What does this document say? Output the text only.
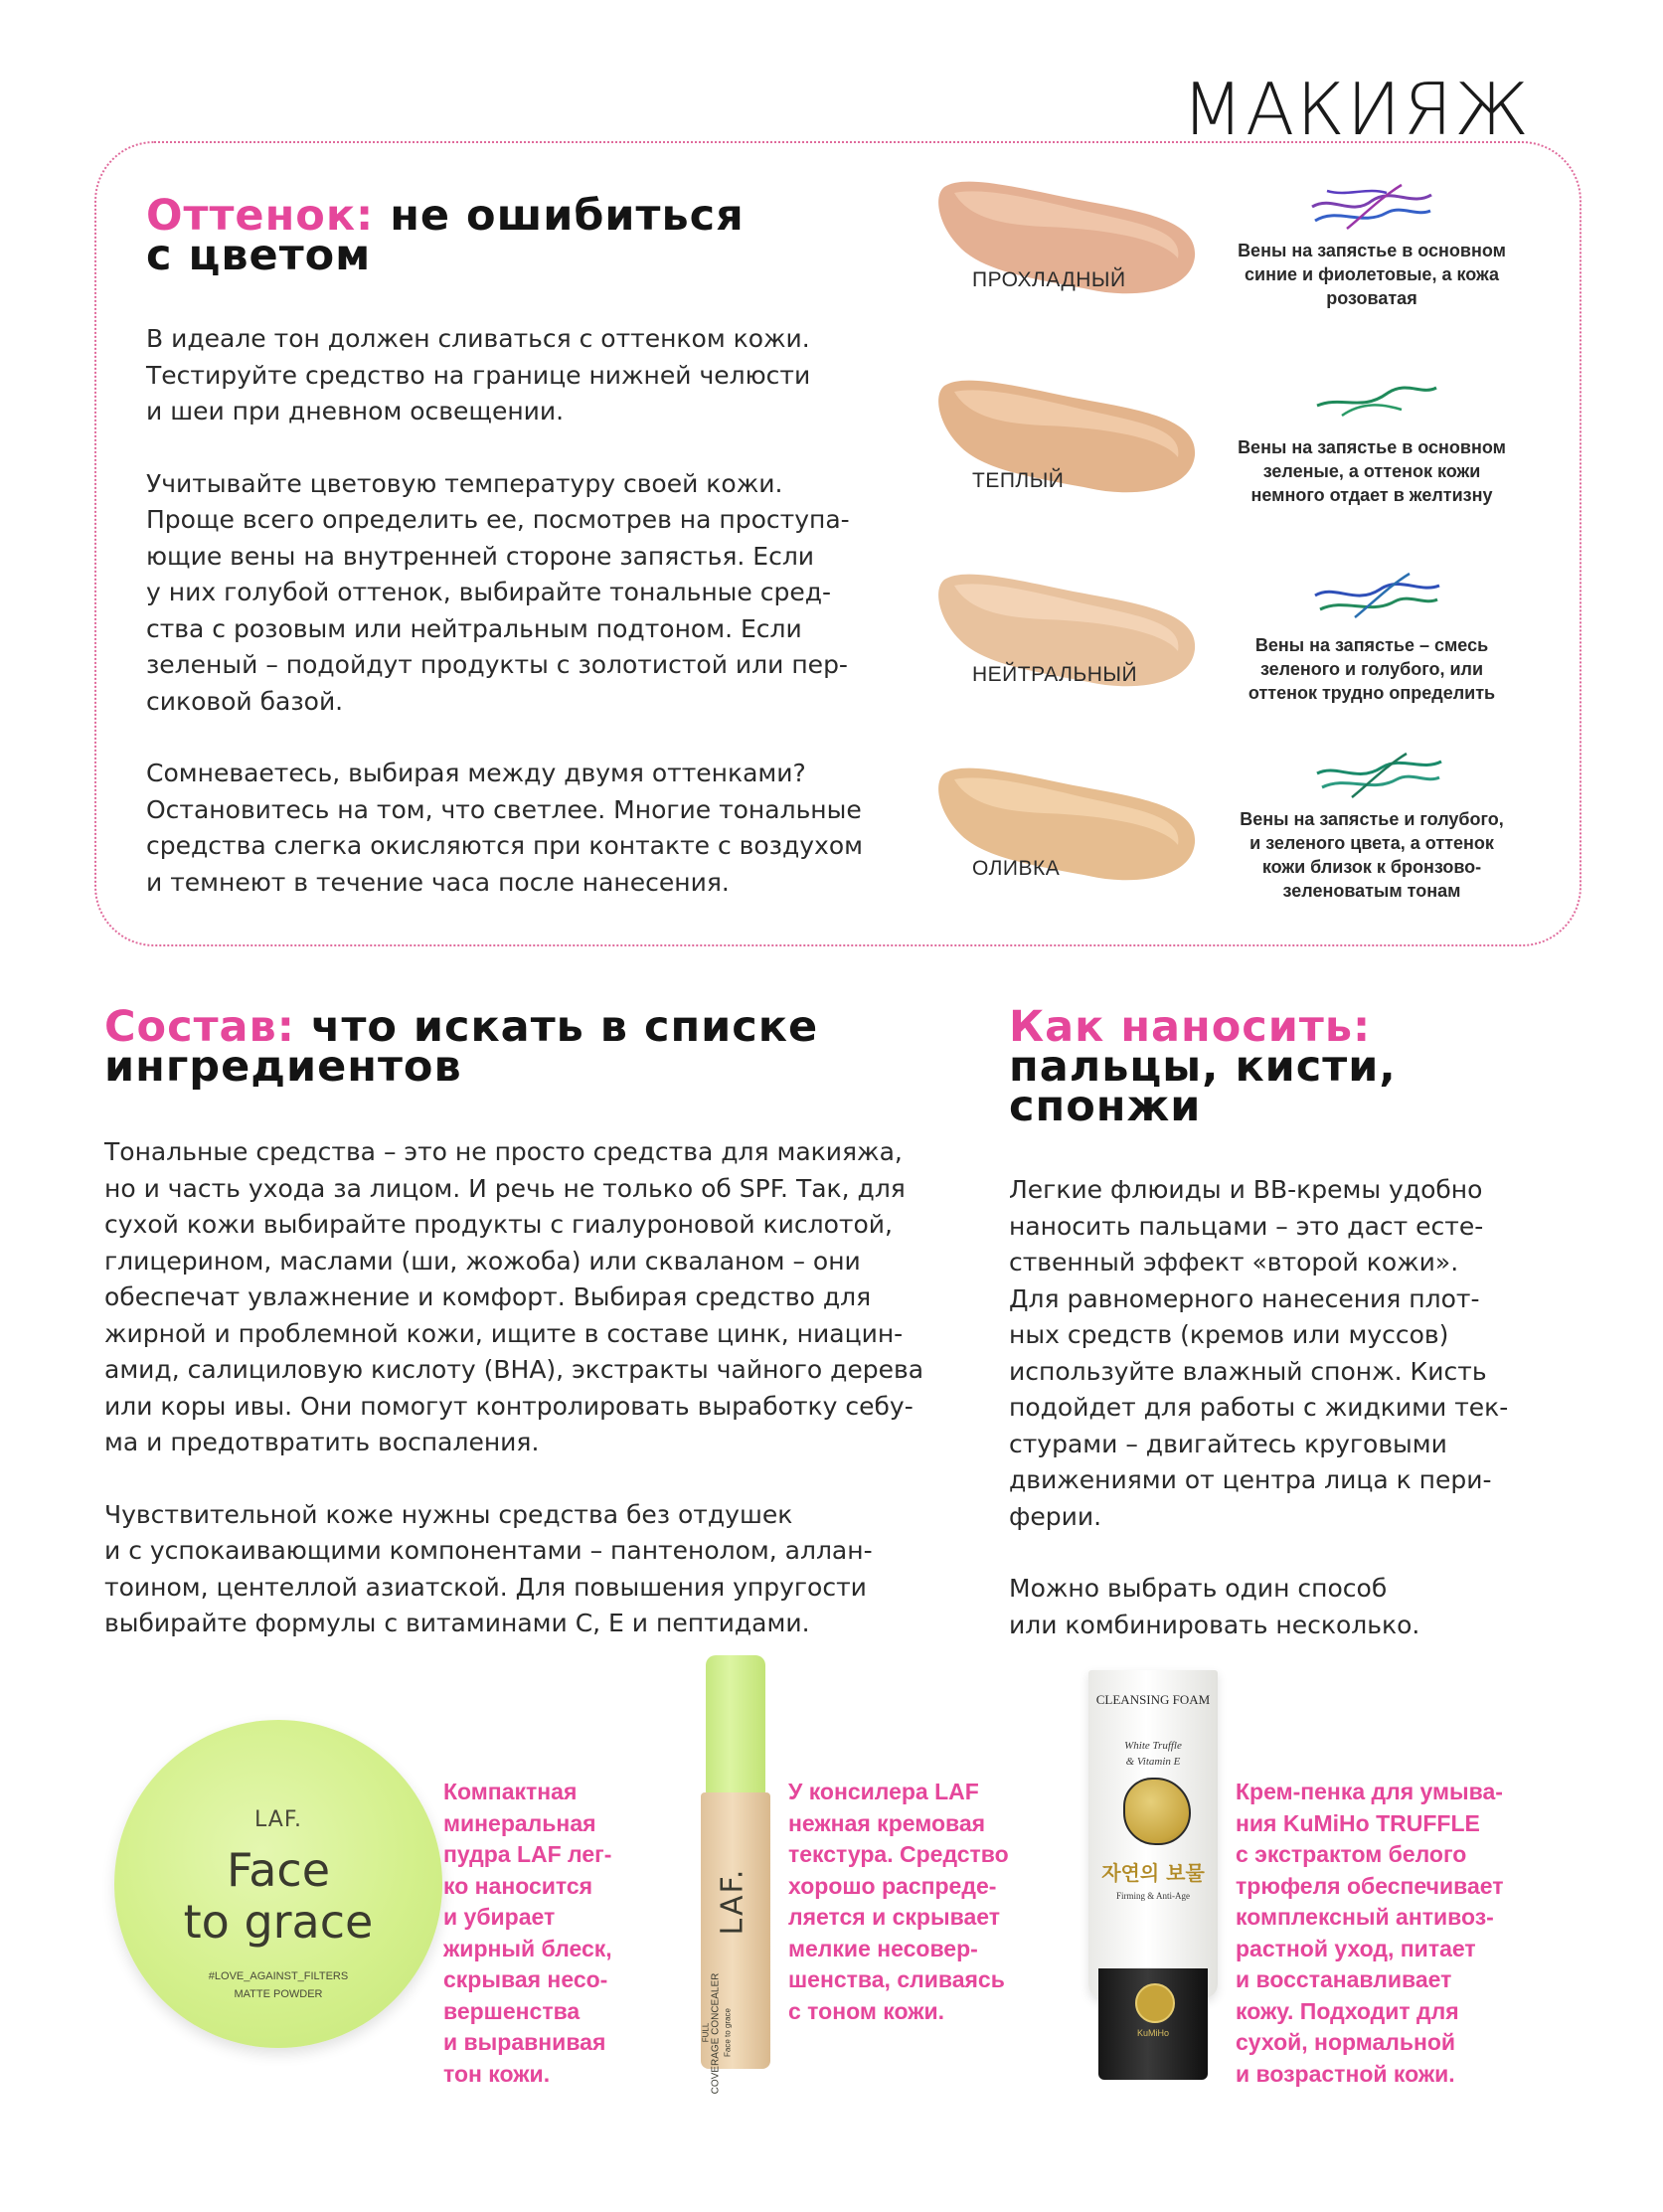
МАКИЯЖ
Оттенок: не ошибиться
с цветом

В идеале тон должен сливаться с оттенком кожи.
Тестируйте средство на границе нижней челюсти
и шеи при дневном освещении.

Учитывайте цветовую температуру своей кожи.
Проще всего определить ее, посмотрев на проступа-
ющие вены на внутренней стороне запястья. Если
у них голубой оттенок, выбирайте тональные сред-
ства с розовым или нейтральным подтоном. Если
зеленый – подойдут продукты с золотистой или пер-
сиковой базой.

Сомневаетесь, выбирая между двумя оттенками?
Остановитесь на том, что светлее. Многие тональные
средства слегка окисляются при контакте с воздухом
и темнеют в течение часа после нанесения.

ПРОХЛАДНЫЙ
Вены на запястье в основном
синие и фиолетовые, а кожа
розоватая
ТЕПЛЫЙ
Вены на запястье в основном
зеленые, а оттенок кожи
немного отдает в желтизну
НЕЙТРАЛЬНЫЙ
Вены на запястье – смесь
зеленого и голубого, или
оттенок трудно определить
ОЛИВКА
Вены на запястье и голубого,
и зеленого цвета, а оттенок
кожи близок к бронзово-
зеленоватым тонам
Состав: что искать в списке
ингредиентов

Тональные средства – это не просто средства для макияжа,
но и часть ухода за лицом. И речь не только об SPF. Так, для
сухой кожи выбирайте продукты с гиалуроновой кислотой,
глицерином, маслами (ши, жожоба) или скваланом – они
обеспечат увлажнение и комфорт. Выбирая средство для
жирной и проблемной кожи, ищите в составе цинк, ниацин-
амид, салициловую кислоту (BHA), экстракты чайного дерева
или коры ивы. Они помогут контролировать выработку себу-
ма и предотвратить воспаления.

Чувствительной коже нужны средства без отдушек
и с успокаивающими компонентами – пантенолом, аллан-
тоином, центеллой азиатской. Для повышения упругости
выбирайте формулы с витаминами C, E и пептидами.

Как наносить:
пальцы, кисти,
спонжи

Легкие флюиды и BB-кремы удобно
наносить пальцами – это даст есте-
ственный эффект «второй кожи».
Для равномерного нанесения плот-
ных средств (кремов или муссов)
используйте влажный спонж. Кисть
подойдет для работы с жидкими тек-
стурами – двигайтесь круговыми
движениями от центра лица к пери-
ферии.

Можно выбрать один способ
или комбинировать несколько.

LAF.
Face
to grace
#LOVE_AGAINST_FILTERS
MATTE POWDER
Компактная
минеральная
пудра LAF лег-
ко наносится
и убирает
жирный блеск,
скрывая несо-
вершенства
и выравнивая
тон кожи.
LAF.
FULL COVERAGE CONCEALER Face to grace
У консилера LAF
нежная кремовая
текстура. Средство
хорошо распреде-
ляется и скрывает
мелкие несовер-
шенства, сливаясь
с тоном кожи.
CLEANSING FOAM
White Truffle
& Vitamin E
자연의 보물
Firming & Anti-Age
KuMiHo
Крем-пенка для умыва-
ния KuMiHo TRUFFLE
с экстрактом белого
трюфеля обеспечивает
комплексный антивоз-
растной уход, питает
и восстанавливает
кожу. Подходит для
сухой, нормальной
и возрастной кожи.
